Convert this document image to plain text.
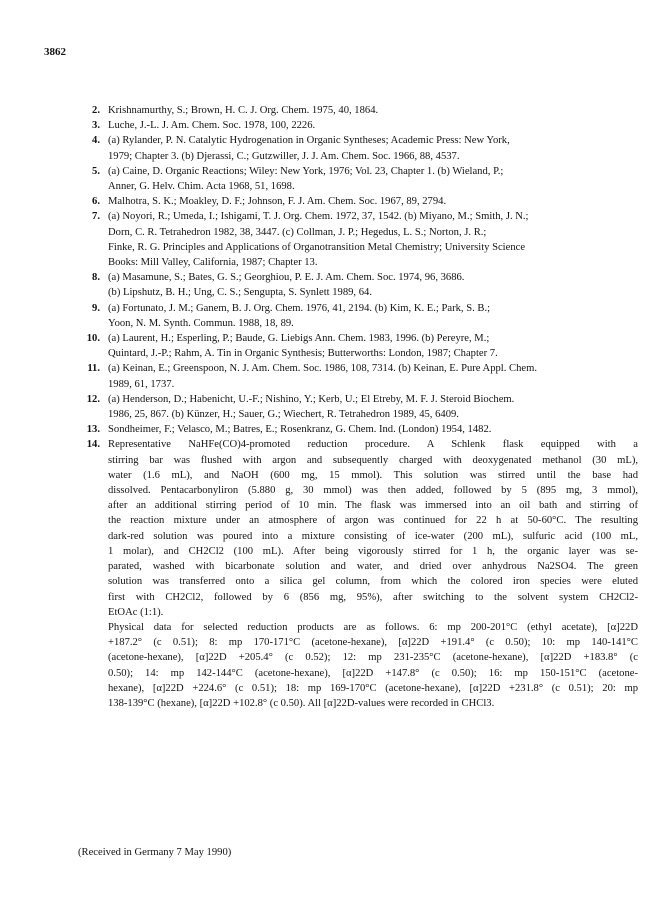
3862
2. Krishnamurthy, S.; Brown, H. C. J. Org. Chem. 1975, 40, 1864.
3. Luche, J.-L. J. Am. Chem. Soc. 1978, 100, 2226.
4. (a) Rylander, P. N. Catalytic Hydrogenation in Organic Syntheses; Academic Press: New York,
1979; Chapter 3. (b) Djerassi, C.; Gutzwiller, J. J. Am. Chem. Soc. 1966, 88, 4537.
5. (a) Caine, D. Organic Reactions; Wiley: New York, 1976; Vol. 23, Chapter 1. (b) Wieland, P.;
Anner, G. Helv. Chim. Acta 1968, 51, 1698.
6. Malhotra, S. K.; Moakley, D. F.; Johnson, F. J. Am. Chem. Soc. 1967, 89, 2794.
7. (a) Noyori, R.; Umeda, I.; Ishigami, T. J. Org. Chem. 1972, 37, 1542. (b) Miyano, M.; Smith, J. N.;
Dorn, C. R. Tetrahedron 1982, 38, 3447. (c) Collman, J. P.; Hegedus, L. S.; Norton, J. R.;
Finke, R. G. Principles and Applications of Organotransition Metal Chemistry; University Science
Books: Mill Valley, California, 1987; Chapter 13.
8. (a) Masamune, S.; Bates, G. S.; Georghiou, P. E. J. Am. Chem. Soc. 1974, 96, 3686.
(b) Lipshutz, B. H.; Ung, C. S.; Sengupta, S. Synlett 1989, 64.
9. (a) Fortunato, J. M.; Ganem, B. J. Org. Chem. 1976, 41, 2194. (b) Kim, K. E.; Park, S. B.;
Yoon, N. M. Synth. Commun. 1988, 18, 89.
10. (a) Laurent, H.; Esperling, P.; Baude, G. Liebigs Ann. Chem. 1983, 1996. (b) Pereyre, M.;
Quintard, J.-P.; Rahm, A. Tin in Organic Synthesis; Butterworths: London, 1987; Chapter 7.
11. (a) Keinan, E.; Greenspoon, N. J. Am. Chem. Soc. 1986, 108, 7314. (b) Keinan, E. Pure Appl. Chem.
1989, 61, 1737.
12. (a) Henderson, D.; Habenicht, U.-F.; Nishino, Y.; Kerb, U.; El Etreby, M. F. J. Steroid Biochem.
1986, 25, 867. (b) Künzer, H.; Sauer, G.; Wiechert, R. Tetrahedron 1989, 45, 6409.
13. Sondheimer, F.; Velasco, M.; Batres, E.; Rosenkranz, G. Chem. Ind. (London) 1954, 1482.
14. Representative NaHFe(CO)4-promoted reduction procedure. A Schlenk flask equipped with a
stirring bar was flushed with argon and subsequently charged with deoxygenated methanol (30 mL),
water (1.6 mL), and NaOH (600 mg, 15 mmol). This solution was stirred until the base had
dissolved. Pentacarbonyliron (5.880 g, 30 mmol) was then added, followed by 5 (895 mg, 3 mmol),
after an additional stirring period of 10 min. The flask was immersed into an oil bath and stirring of
the reaction mixture under an atmosphere of argon was continued for 22 h at 50-60°C. The resulting
dark-red solution was poured into a mixture consisting of ice-water (200 mL), sulfuric acid (100 mL,
1 molar), and CH2Cl2 (100 mL). After being vigorously stirred for 1 h, the organic layer was se-
parated, washed with bicarbonate solution and water, and dried over anhydrous Na2SO4. The green
solution was transferred onto a silica gel column, from which the colored iron species were eluted
first with CH2Cl2, followed by 6 (856 mg, 95%), after switching to the solvent system CH2Cl2-
EtOAc (1:1).
Physical data for selected reduction products are as follows. 6: mp 200-201°C (ethyl acetate), [α]22D
+187.2° (c 0.51); 8: mp 170-171°C (acetone-hexane), [α]22D +191.4° (c 0.50); 10: mp 140-141°C
(acetone-hexane), [α]22D +205.4° (c 0.52); 12: mp 231-235°C (acetone-hexane), [α]22D +183.8° (c
0.50); 14: mp 142-144°C (acetone-hexane), [α]22D +147.8° (c 0.50); 16: mp 150-151°C (acetone-
hexane), [α]22D +224.6° (c 0.51); 18: mp 169-170°C (acetone-hexane), [α]22D +231.8° (c 0.51); 20: mp
138-139°C (hexane), [α]22D +102.8° (c 0.50). All [α]22D-values were recorded in CHCl3.
(Received in Germany 7 May 1990)
